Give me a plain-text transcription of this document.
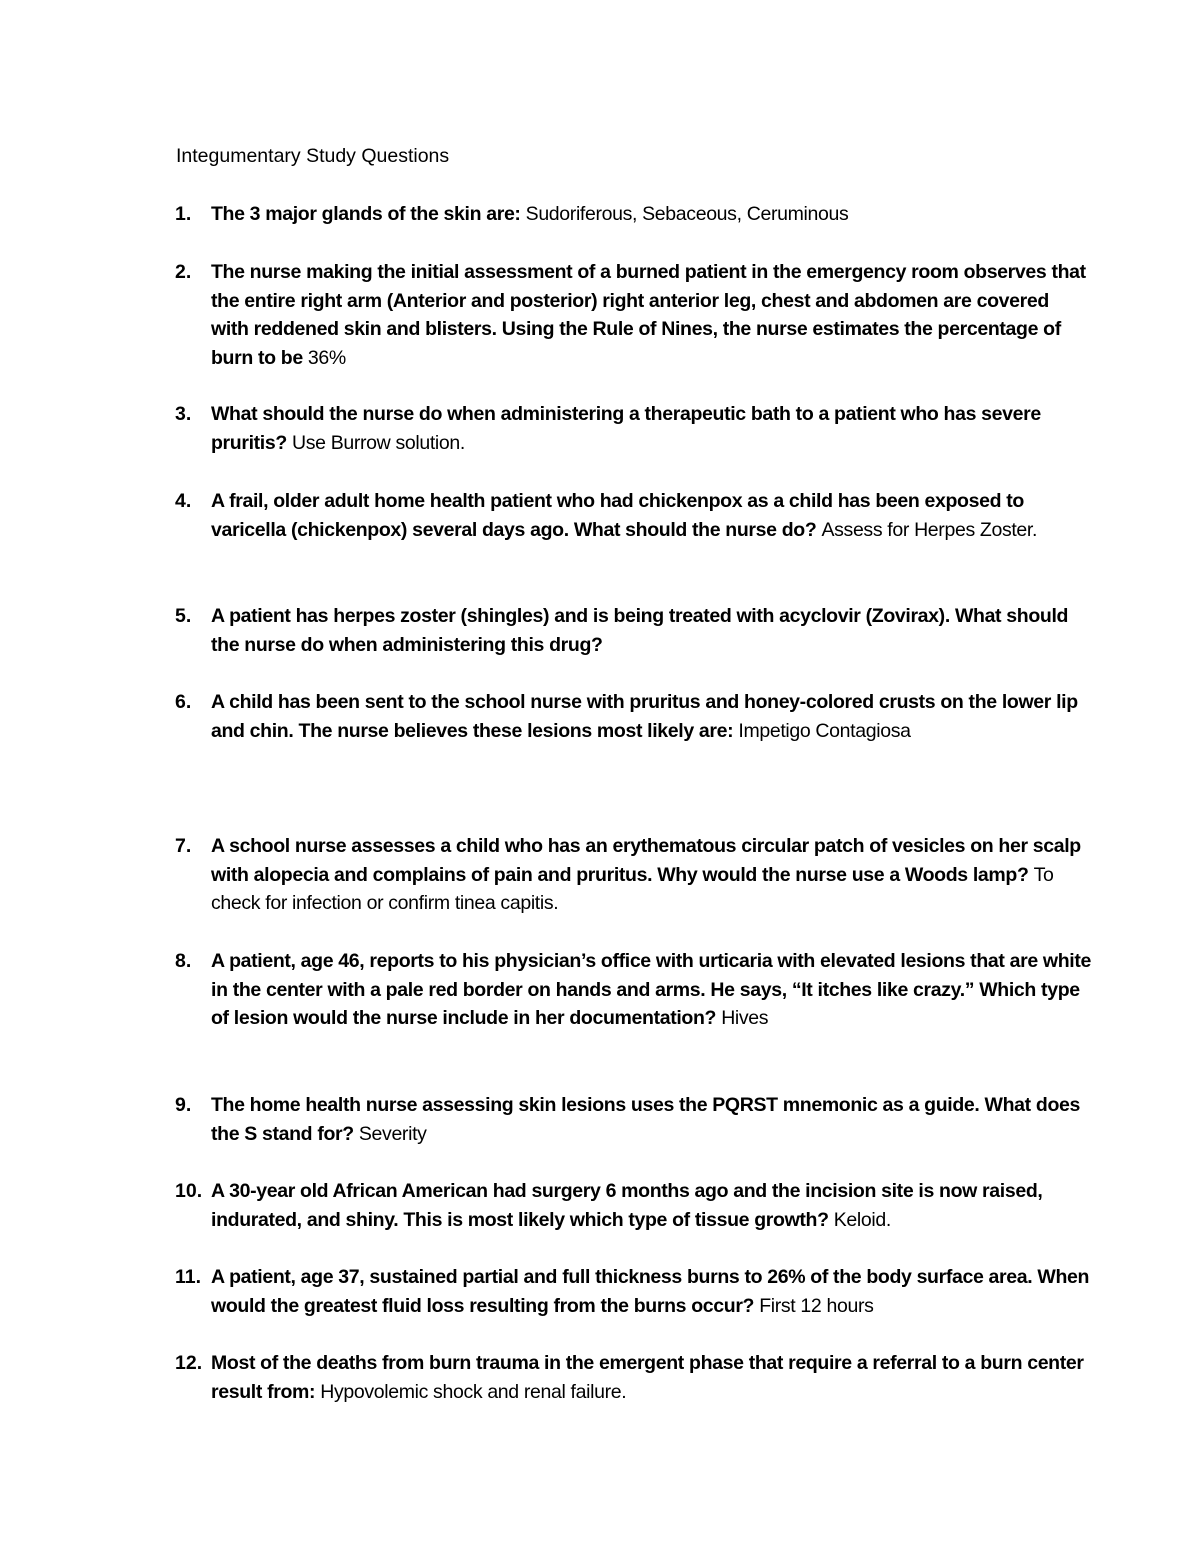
Integumentary Study Questions
1. The 3 major glands of the skin are: Sudoriferous, Sebaceous, Ceruminous
2. The nurse making the initial assessment of a burned patient in the emergency room observes that the entire right arm (Anterior and posterior) right anterior leg, chest and abdomen are covered with reddened skin and blisters. Using the Rule of Nines, the nurse estimates the percentage of burn to be 36%
3. What should the nurse do when administering a therapeutic bath to a patient who has severe pruritis? Use Burrow solution.
4. A frail, older adult home health patient who had chickenpox as a child has been exposed to varicella (chickenpox) several days ago. What should the nurse do? Assess for Herpes Zoster.
5. A patient has herpes zoster (shingles) and is being treated with acyclovir (Zovirax). What should the nurse do when administering this drug?
6. A child has been sent to the school nurse with pruritus and honey-colored crusts on the lower lip and chin. The nurse believes these lesions most likely are: Impetigo Contagiosa
7. A school nurse assesses a child who has an erythematous circular patch of vesicles on her scalp with alopecia and complains of pain and pruritus. Why would the nurse use a Woods lamp? To check for infection or confirm tinea capitis.
8. A patient, age 46, reports to his physician’s office with urticaria with elevated lesions that are white in the center with a pale red border on hands and arms. He says, “It itches like crazy.” Which type of lesion would the nurse include in her documentation? Hives
9. The home health nurse assessing skin lesions uses the PQRST mnemonic as a guide. What does the S stand for? Severity
10. A 30-year old African American had surgery 6 months ago and the incision site is now raised, indurated, and shiny. This is most likely which type of tissue growth? Keloid.
11. A patient, age 37, sustained partial and full thickness burns to 26% of the body surface area. When would the greatest fluid loss resulting from the burns occur? First 12 hours
12. Most of the deaths from burn trauma in the emergent phase that require a referral to a burn center result from: Hypovolemic shock and renal failure.
